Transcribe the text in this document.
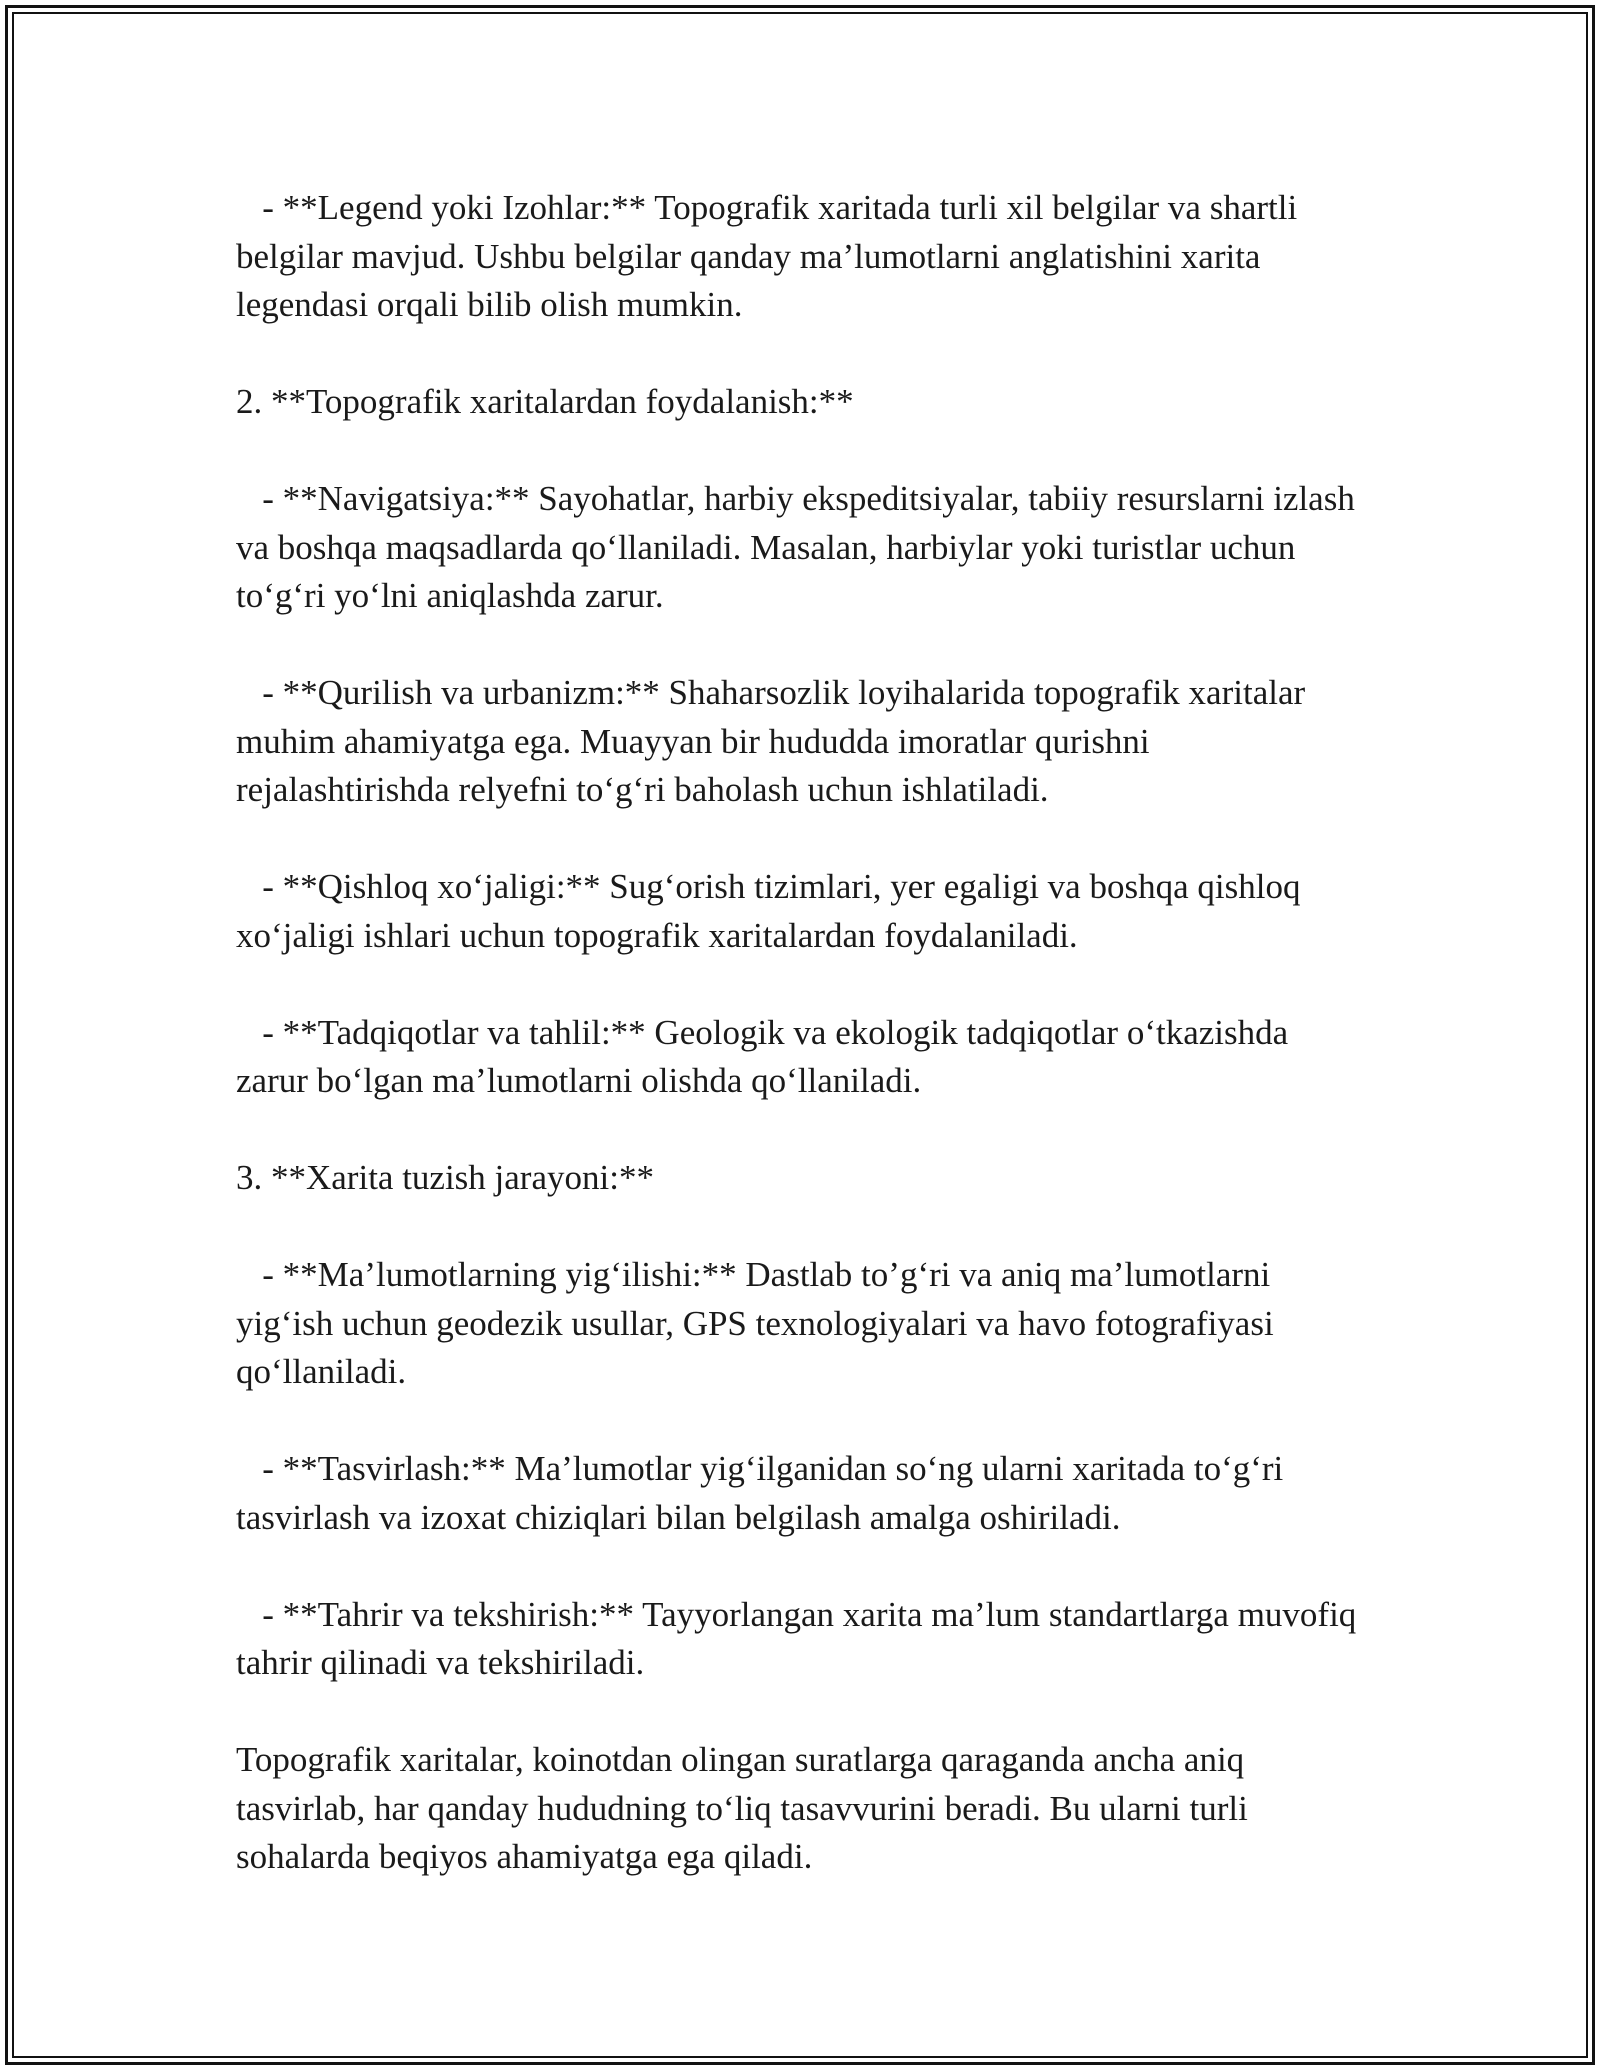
- **Legend yoki Izohlar:** Topografik xaritada turli xil belgilar va shartli belgilar mavjud. Ushbu belgilar qanday ma’lumotlarni anglatishini xarita legendasi orqali bilib olish mumkin.

2. **Topografik xaritalardan foydalanish:**

- **Navigatsiya:** Sayohatlar, harbiy ekspeditsiyalar, tabiiy resurslarni izlash va boshqa maqsadlarda qo‘llaniladi. Masalan, harbiylar yoki turistlar uchun to‘g‘ri yo‘lni aniqlashda zarur.

- **Qurilish va urbanizm:** Shaharsozlik loyihalarida topografik xaritalar muhim ahamiyatga ega. Muayyan bir hududda imoratlar qurishni rejalashtirishda relyefni to‘g‘ri baholash uchun ishlatiladi.

- **Qishloq xo‘jaligi:** Sug‘orish tizimlari, yer egaligi va boshqa qishloq xo‘jaligi ishlari uchun topografik xaritalardan foydalaniladi.

- **Tadqiqotlar va tahlil:** Geologik va ekologik tadqiqotlar o‘tkazishda zarur bo‘lgan ma’lumotlarni olishda qo‘llaniladi.

3. **Xarita tuzish jarayoni:**

- **Ma’lumotlarning yig‘ilishi:** Dastlab to’g‘ri va aniq ma’lumotlarni yig‘ish uchun geodezik usullar, GPS texnologiyalari va havo fotografiyasi qo‘llaniladi.

- **Tasvirlash:** Ma’lumotlar yig‘ilganidan so‘ng ularni xaritada to‘g‘ri tasvirlash va izoxat chiziqlari bilan belgilash amalga oshiriladi.

- **Tahrir va tekshirish:** Tayyorlangan xarita ma’lum standartlarga muvofiq tahrir qilinadi va tekshiriladi.

Topografik xaritalar, koinotdan olingan suratlarga qaraganda ancha aniq tasvirlab, har qanday hududning to‘liq tasavvurini beradi. Bu ularni turli sohalarda beqiyos ahamiyatga ega qiladi.
